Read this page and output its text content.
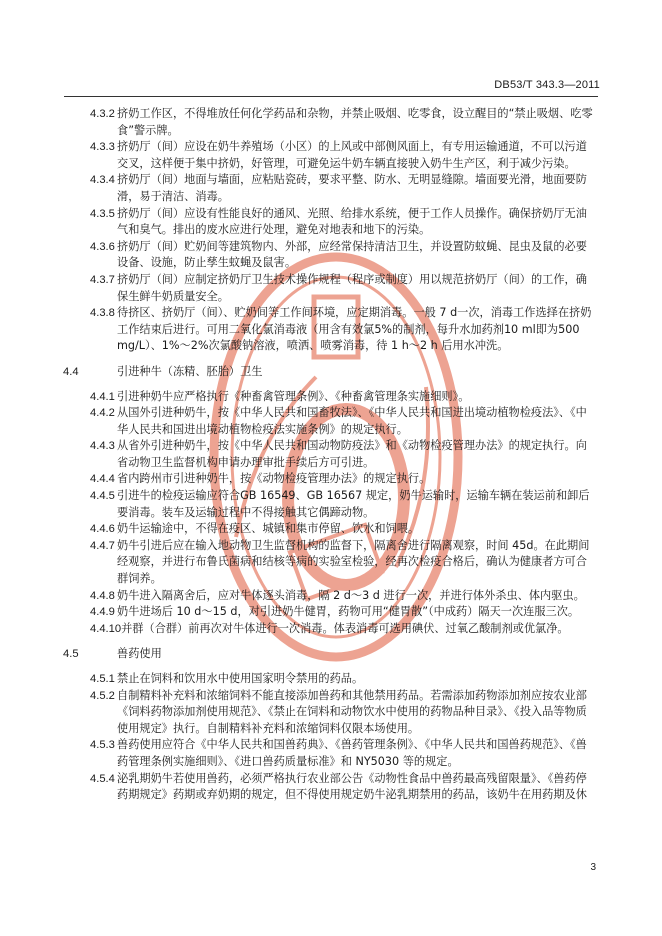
DB53/T 343.3—2011

4.3.2 挤奶工作区，不得堆放任何化学药品和杂物，并禁止吸烟、吃零食，设立醒目的“禁止吸烟、吃零食”警示牌。

4.3.3 挤奶厅（间）应设在奶牛养殖场（小区）的上风或中部侧风面上，有专用运输通道，不可以污道交叉，这样便于集中挤奶，好管理，可避免运牛奶车辆直接驶入奶牛生产区，利于减少污染。

4.3.4 挤奶厅（间）地面与墙面，应粘贴瓷砖，要求平整、防水、无明显缝隙。墙面要光滑，地面要防滑，易于清洁、消毒。

4.3.5 挤奶厅（间）应设有性能良好的通风、光照、给排水系统，便于工作人员操作。确保挤奶厅无油气和臭气。排出的废水应进行处理，避免对地表和地下的污染。

4.3.6 挤奶厅（间）贮奶间等建筑物内、外部，应经常保持清洁卫生，并设置防蚊蝇、昆虫及鼠的必要设备、设施，防止孳生蚊蝇及鼠害。

4.3.7 挤奶厅（间）应制定挤奶厅卫生技术操作规程（程序或制度）用以规范挤奶厅（间）的工作，确保生鲜牛奶质量安全。

4.3.8 待挤区、挤奶厅（间）、贮奶间等工作间环境，应定期消毒。一般 7 d一次，消毒工作选择在挤奶工作结束后进行。可用二氧化氯消毒液（用含有效氯5%的制剂，每升水加药剂10 ml即为500 mg/L）、1%～2%次氯酸钠溶液，喷洒、喷雾消毒，待 1 h～2 h 后用水冲洗。

4.4	引进种牛（冻精、胚胎）卫生

4.4.1 引进种奶牛应严格执行《种畜禽管理条例》、《种畜禽管理条实施细则》。

4.4.2 从国外引进种奶牛，按《中华人民共和国畜牧法》、《中华人民共和国进出境动植物检疫法》、《中华人民共和国进出境动植物检疫法实施条例》的规定执行。

4.4.3 从省外引进种奶牛，按《中华人民共和国动物防疫法》和《动物检疫管理办法》的规定执行。向省动物卫生监督机构申请办理审批手续后方可引进。

4.4.4 省内跨州市引进种奶牛，按《动物检疫管理办法》的规定执行。

4.4.5 引进牛的检疫运输应符合GB 16549、GB 16567 规定，奶牛运输时，运输车辆在装运前和卸后要消毒。装车及运输过程中不得接触其它偶蹄动物。

4.4.6 奶牛运输途中，不得在疫区、城镇和集市停留、饮水和饲喂。

4.4.7 奶牛引进后应在输入地动物卫生监督机构的监督下，隔离舍进行隔离观察，时间 45d。在此期间经观察，并进行布鲁氏菌病和结核等病的实验室检验，经再次检疫合格后，确认为健康者方可合群饲养。

4.4.8 奶牛进入隔离舍后，应对牛体逐头消毒，隔 2 d～3 d 进行一次，并进行体外杀虫、体内驱虫。

4.4.9 奶牛进场后 10 d～15 d，对引进奶牛健胃，药物可用“健胃散”（中成药）隔天一次连服三次。

4.4.10并群（合群）前再次对牛体进行一次消毒。体表消毒可选用碘伏、过氧乙酸制剂或优氯净。

4.5	兽药使用

4.5.1 禁止在饲料和饮用水中使用国家明令禁用的药品。

4.5.2 自制精料补充料和浓缩饲料不能直接添加兽药和其他禁用药品。若需添加药物添加剂应按农业部《饲料药物添加剂使用规范》、《禁止在饲料和动物饮水中使用的药物品种目录》、《投入品等物质使用规定》执行。自制精料补充料和浓缩饲料仅限本场使用。

4.5.3 兽药使用应符合《中华人民共和国兽药典》、《兽药管理条例》、《中华人民共和国兽药规范》、《兽药管理条例实施细则》、《进口兽药质量标准》和 NY5030 等的规定。

4.5.4 泌乳期奶牛若使用兽药，必须严格执行农业部公告《动物性食品中兽药最高残留限量》、《兽药停药期规定》药期或弃奶期的规定，但不得使用规定奶牛泌乳期禁用的药品，该奶牛在用药期及休

3
